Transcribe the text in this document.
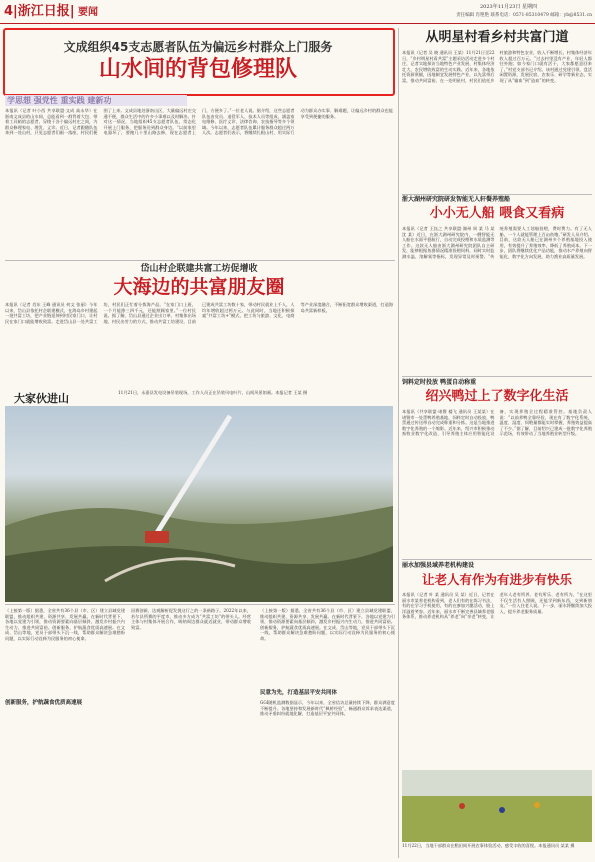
4|浙江日报| 要闻	2023年11月23日 星期四
责任编辑 肖艳艳 联系电话：0571-85310479 邮箱：yb@8531.cn
文成组织45支志愿者队伍为偏远乡村群众上门服务
山水间的背包修理队
学思想 强党性 重实践 建新功
本报讯（记者 叶小西 共享联盟·文成 高永华）在浙南文成县的山水间，总能看到一群背着大包、带着工具箱的志愿者，穿梭于各个偏远村庄之间，为群众修理家电、理发、义诊。近日，记者跟随队伍来到一处山村，只见志愿者们刚一落座，村民们便围了上来。文成县地处浙南山区，大量偏远村庄交通不便，群众生活中的许多小事难以及时解决。针对这一情况，当地组织45支志愿者队伍，常态化开展上门服务，把服务送到群众身边。“以前家里电器坏了，要跑几十里山路去修，现在志愿者上门，方便多了。”一位老人说。据介绍，这些志愿者队伍由党员、退役军人、技术人员等组成，涵盖家电维修、医疗义诊、法律咨询、农技指导等多个领域。今年以来，志愿者队伍累计服务群众超过两万人次。志愿者们表示，将继续扎根山村，用实际行动为群众办实事、解难题，让偏远乡村的群众也能享受到便捷的服务。
岱山村企联建共富工坊促增收
大海边的共富朋友圈
本报讯（记者 肖东 王峰 通讯员 何文 张丽）今年以来，岱山县依托村企联建模式，在海岛乡村建起一批共富工坊，把产业链延伸到村民家门口，让村民在家门口就能增收致富。走进岱山县一处共富工坊，村民们正忙着分拣海产品。“在家门口上班，一个月能挣三四千元，还能照顾家里。”一位村民说。据了解，岱山县通过企业出订单、村集体出场地、村民出劳力的方式，推动共富工坊建设，目前已建成共富工坊数十家，带动村民就业上千人，人均年增收超过两万元。与此同时，当地还积极探索“共富工坊+”模式，把工坊与旅游、文化、电商等产业深度融合，不断拓宽群众增收渠道，打造海岛共富新样板。
大家伙进山	11月21日，永嘉县发电设备吊装现场，工作人员正在吊装风电叶片，山间风景如画。本报记者 王某 摄
（上接第一版）据悉，全省共有36个县（市、区）建立县域党建联盟，推动组织共建、资源共享、发展共赢。在新时代背景下，各地以党建为引领，推动资源要素向基层倾斜，激发乡村振兴内生动力，推进共同富裕。创新服务，护航蔬食优质高速展。在文成、岱山等地，党员干部带头下沉一线，帮助群众解决急难愁盼问题，以实际行动诠释为民服务的初心使命。
创新服务，护航蔬食优质高速展
因赛创新，达观解析促发挑这行之的一条新路子。2022年以来，若尔县所赛的平度市，推动多方成为“共富工坊”的带头人。经营主体与村集体开展合作，吸纳周边群众就近就业，带动群众增收致富。
民意为先，打造基层平安共同体
GGI随机监测数据显示，今年以来，全省信访总量持续下降，群众满意度不断提升。各地坚持和发展新时代“枫桥经验”，畅通群众诉求表达渠道，推动矛盾纠纷就地化解，打造基层平安共同体。
（上接第一版）据悉，全省共有36个县（市、区）建立县域党建联盟，推动组织共建、资源共享、发展共赢。在新时代背景下，各地以党建为引领，推动资源要素向基层倾斜，激发乡村振兴内生动力，推进共同富裕。创新服务，护航蔬食优质高速展。在文成、岱山等地，党员干部带头下沉一线，帮助群众解决急难愁盼问题，以实际行动诠释为民服务的初心使命。
从明星村看乡村共富门道
本报讯（记者 吴 晓 通讯员 王某）11月21日至22日，“乡村明星村看共富”主题采访活动走进多个村庄，记者实地探访当地特色产业发展、村集体经济壮大、农民增收致富的生动实践。近年来，各地依托资源禀赋，因地制宜发展特色产业，以先富带后富，推动共同富裕。在一处明星村，村民们依托乡村旅游和特色农业，收入不断增长，村集体经济年收入超过百万元。“过去村里没有产业，年轻人都往外跑；如今家门口就有活干，大家都愿意回来了。”村党支部书记介绍。该村通过党建引领，盘活闲置资源，发展民宿、农家乐、研学等新业态，实现了从“输血”到“造血”的转变。
浙大湖州研究院研发智能无人轩餐养殖船
小小无人船 喂食又看病
本报讯（记者 王钰之 共享联盟·湖州 周 某 马 某 沈 某）近日，在浙大湖州研究院内，一艘智能无人船在水面平稳航行，自动完成投喂和水质监测等工作。这款无人船由浙大湖州研究院团队自主研发，能够根据鱼群情况精准投喂饲料，同时实时监测水温、溶解氧等指标，发现异常及时预警。“传统养殖需要人工划船投喂，费时费力。有了无人船，一个人就能管理上百亩鱼塘。”研发人员介绍。目前，这款无人船已在湖州多个养殖基地投入使用，有效提升了养殖效率，降低了养殖成本。下一步，团队将继续优化产品功能，推动水产养殖向智能化、数字化方向发展，助力渔业高质量发展。
饲料定时投放 鸭蛋自动称重
绍兴鸭过上了数字化生活
本报讯（共享联盟·诸暨 楼飞 通讯员 王某某）在诸暨市一处蛋鸭养殖基地，饲料定时自动投放，鸭蛋通过传送带自动完成称重和分拣。这是当地推进数字化养殖的一个缩影。近年来，绍兴市积极推动畜牧业数字化改造，引导养殖主体应用智能化设备，实现养殖全过程精准管控。基地负责人说：“以前养鸭全靠经验，现在有了数字化系统，温度、湿度、饲喂量都能实时掌握，养殖效益提高了不少。”据了解，目前绍兴已建成一批数字化养殖示范场，有效带动了当地养殖业转型升级。
丽水加强县域养老机构建设
让老人有作为有进步有快乐
本报讯（记者 叶 某 通讯员 吴 某）近日，记者在丽水市某养老机构看到，老人们有的在练习书法，有的在学习手机使用，有的在参加兴趣活动，脸上洋溢着笑容。近年来，丽水市不断完善县域养老服务体系，推动养老机构从“养老”向“享老”转变，让老年人老有所养、老有所乐、老有所为。“在这里不仅生活有人照顾，还能学到新东西，交到新朋友。”一位入住老人说。下一步，丽水将继续加大投入，提升养老服务质量。
11月22日，当地干部群众在稻田间开展农事体验活动，感受丰收的喜悦。本报通讯员 某某 摄
